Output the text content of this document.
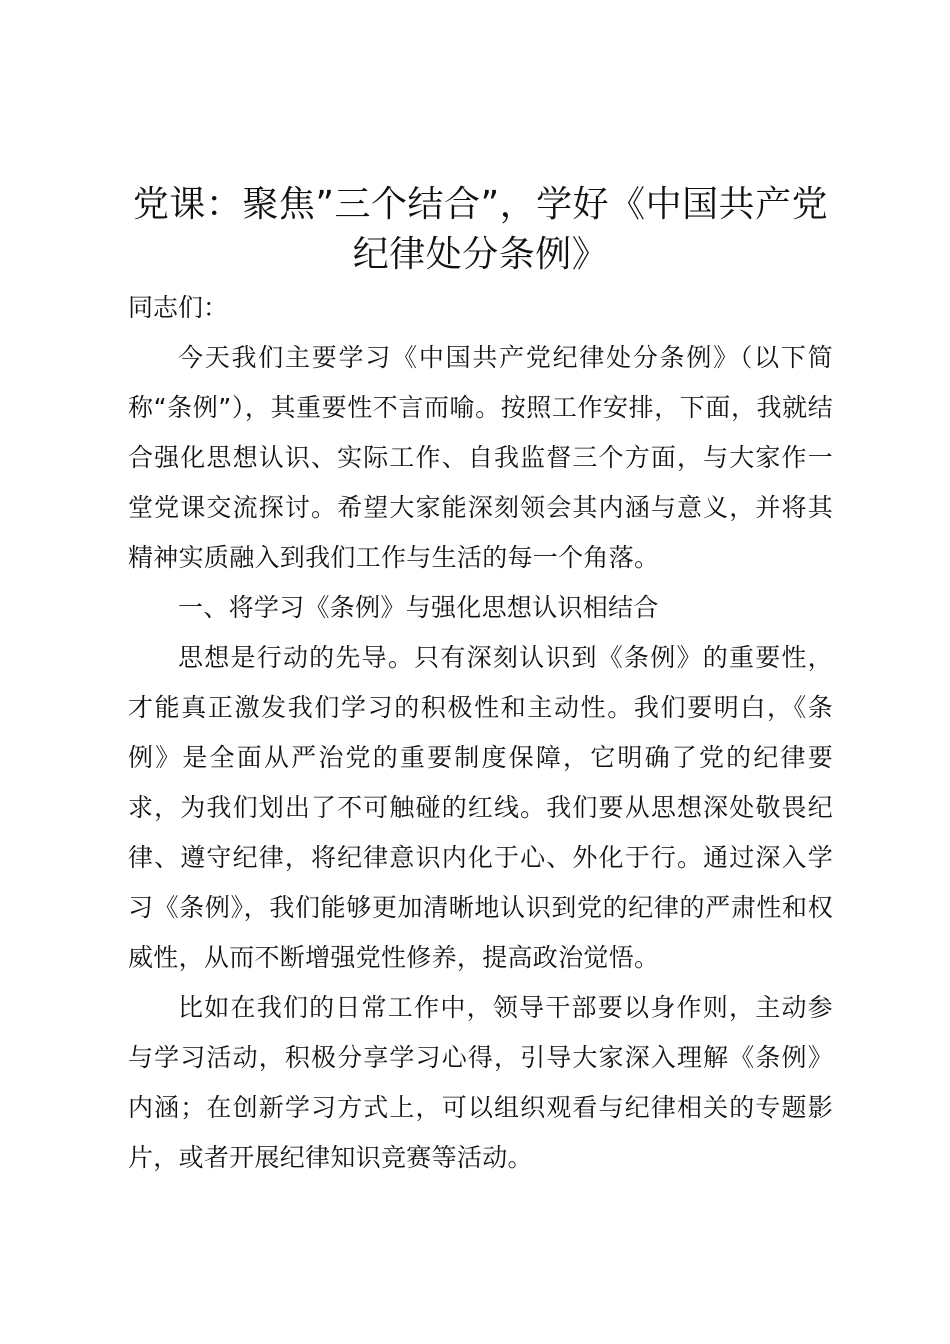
党课：聚焦”三个结合”，学好《中国共产党
纪律处分条例》

同志们：

今天我们主要学习《中国共产党纪律处分条例》（以下简称“条例”），其重要性不言而喻。按照工作安排，下面，我就结合强化思想认识、实际工作、自我监督三个方面，与大家作一堂党课交流探讨。希望大家能深刻领会其内涵与意义，并将其精神实质融入到我们工作与生活的每一个角落。

一、将学习《条例》与强化思想认识相结合

思想是行动的先导。只有深刻认识到《条例》的重要性，才能真正激发我们学习的积极性和主动性。我们要明白，《条例》是全面从严治党的重要制度保障，它明确了党的纪律要求，为我们划出了不可触碰的红线。我们要从思想深处敬畏纪律、遵守纪律，将纪律意识内化于心、外化于行。通过深入学习《条例》，我们能够更加清晰地认识到党的纪律的严肃性和权威性，从而不断增强党性修养，提高政治觉悟。

比如在我们的日常工作中，领导干部要以身作则，主动参与学习活动，积极分享学习心得，引导大家深入理解《条例》内涵；在创新学习方式上，可以组织观看与纪律相关的专题影片，或者开展纪律知识竞赛等活动。
